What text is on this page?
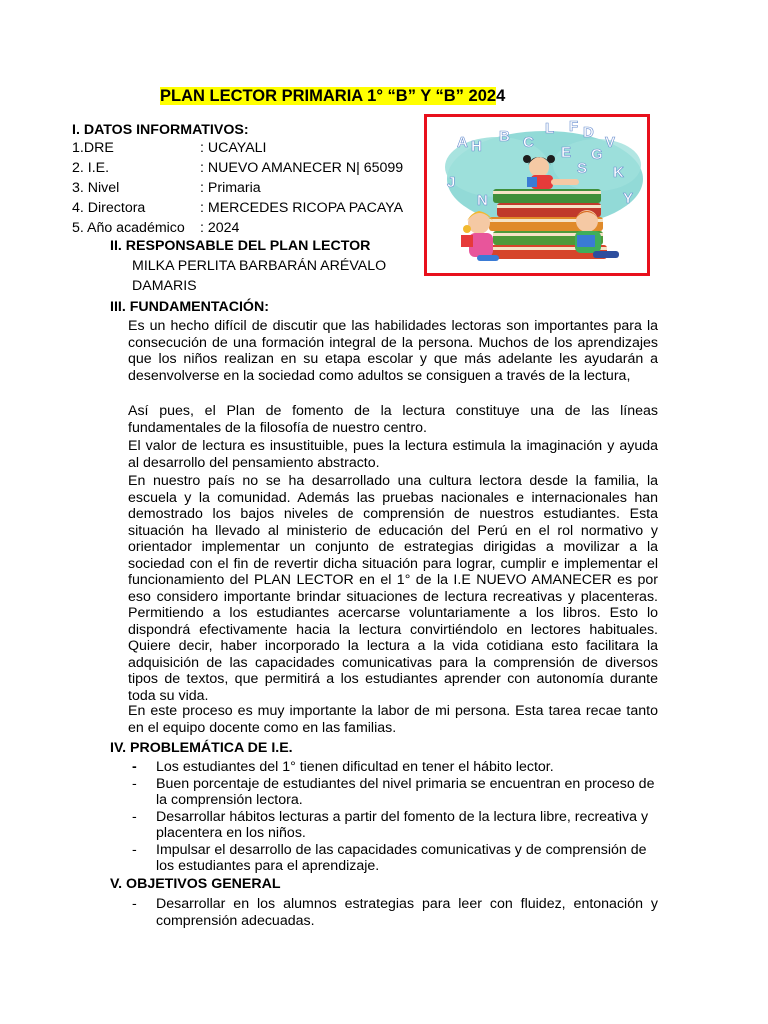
PLAN LECTOR PRIMARIA 1° “B” Y “B” 2024
I. DATOS INFORMATIVOS:
1.DRE	: UCAYALI
2. I.E.	: NUEVO AMANECER N| 65099
3. Nivel	: Primaria
4. Directora	: MERCEDES RICOPA PACAYA
5. Año académico : 2024
II. RESPONSABLE DEL PLAN LECTOR
MILKA PERLITA BARBARÁN ARÉVALO
DAMARIS
A B C
D
E
F
G
H
J
K
L
N
S
V
Y
III. FUNDAMENTACIÓN:

Es un hecho difícil de discutir que las habilidades lectoras son importantes para la consecución de una formación integral de la persona. Muchos de los aprendizajes que los niños realizan en su etapa escolar y que más adelante les ayudarán a desenvolverse en la sociedad como adultos se consiguen a través de la lectura,

Así pues, el Plan de fomento de la lectura constituye una de las líneas fundamentales de la filosofía de nuestro centro.

El valor de lectura es insustituible, pues la lectura estimula la imaginación y ayuda al desarrollo del pensamiento abstracto.

En nuestro país no se ha desarrollado una cultura lectora desde la familia, la escuela y la comunidad. Además las pruebas nacionales e internacionales han demostrado los bajos niveles de comprensión de nuestros estudiantes. Esta situación ha llevado al ministerio de educación del Perú en el rol normativo y orientador implementar un conjunto de estrategias dirigidas a movilizar a la sociedad con el fin de revertir dicha situación para lograr, cumplir e implementar el funcionamiento del PLAN LECTOR en el 1° de la I.E NUEVO AMANECER es por eso considero importante brindar situaciones de lectura recreativas y placenteras. Permitiendo a los estudiantes acercarse voluntariamente a los libros. Esto lo dispondrá efectivamente hacia la lectura convirtiéndolo en lectores habituales. Quiere decir, haber incorporado la lectura a la vida cotidiana esto facilitara la adquisición de las capacidades comunicativas para la comprensión de diversos tipos de textos, que permitirá a los estudiantes aprender con autonomía durante toda su vida.

En este proceso es muy importante la labor de mi persona. Esta tarea recae tanto en el equipo docente como en las familias.

IV. PROBLEMÁTICA DE I.E.
- Los estudiantes del 1° tienen dificultad en tener el hábito lector.
- Buen porcentaje de estudiantes del nivel primaria se encuentran en proceso de la comprensión lectora.
- Desarrollar hábitos lecturas a partir del fomento de la lectura libre, recreativa y placentera en los niños.
- Impulsar el desarrollo de las capacidades comunicativas y de comprensión de los estudiantes para el aprendizaje.
V. OBJETIVOS GENERAL
- Desarrollar en los alumnos estrategias para leer con fluidez, entonación y comprensión adecuadas.
